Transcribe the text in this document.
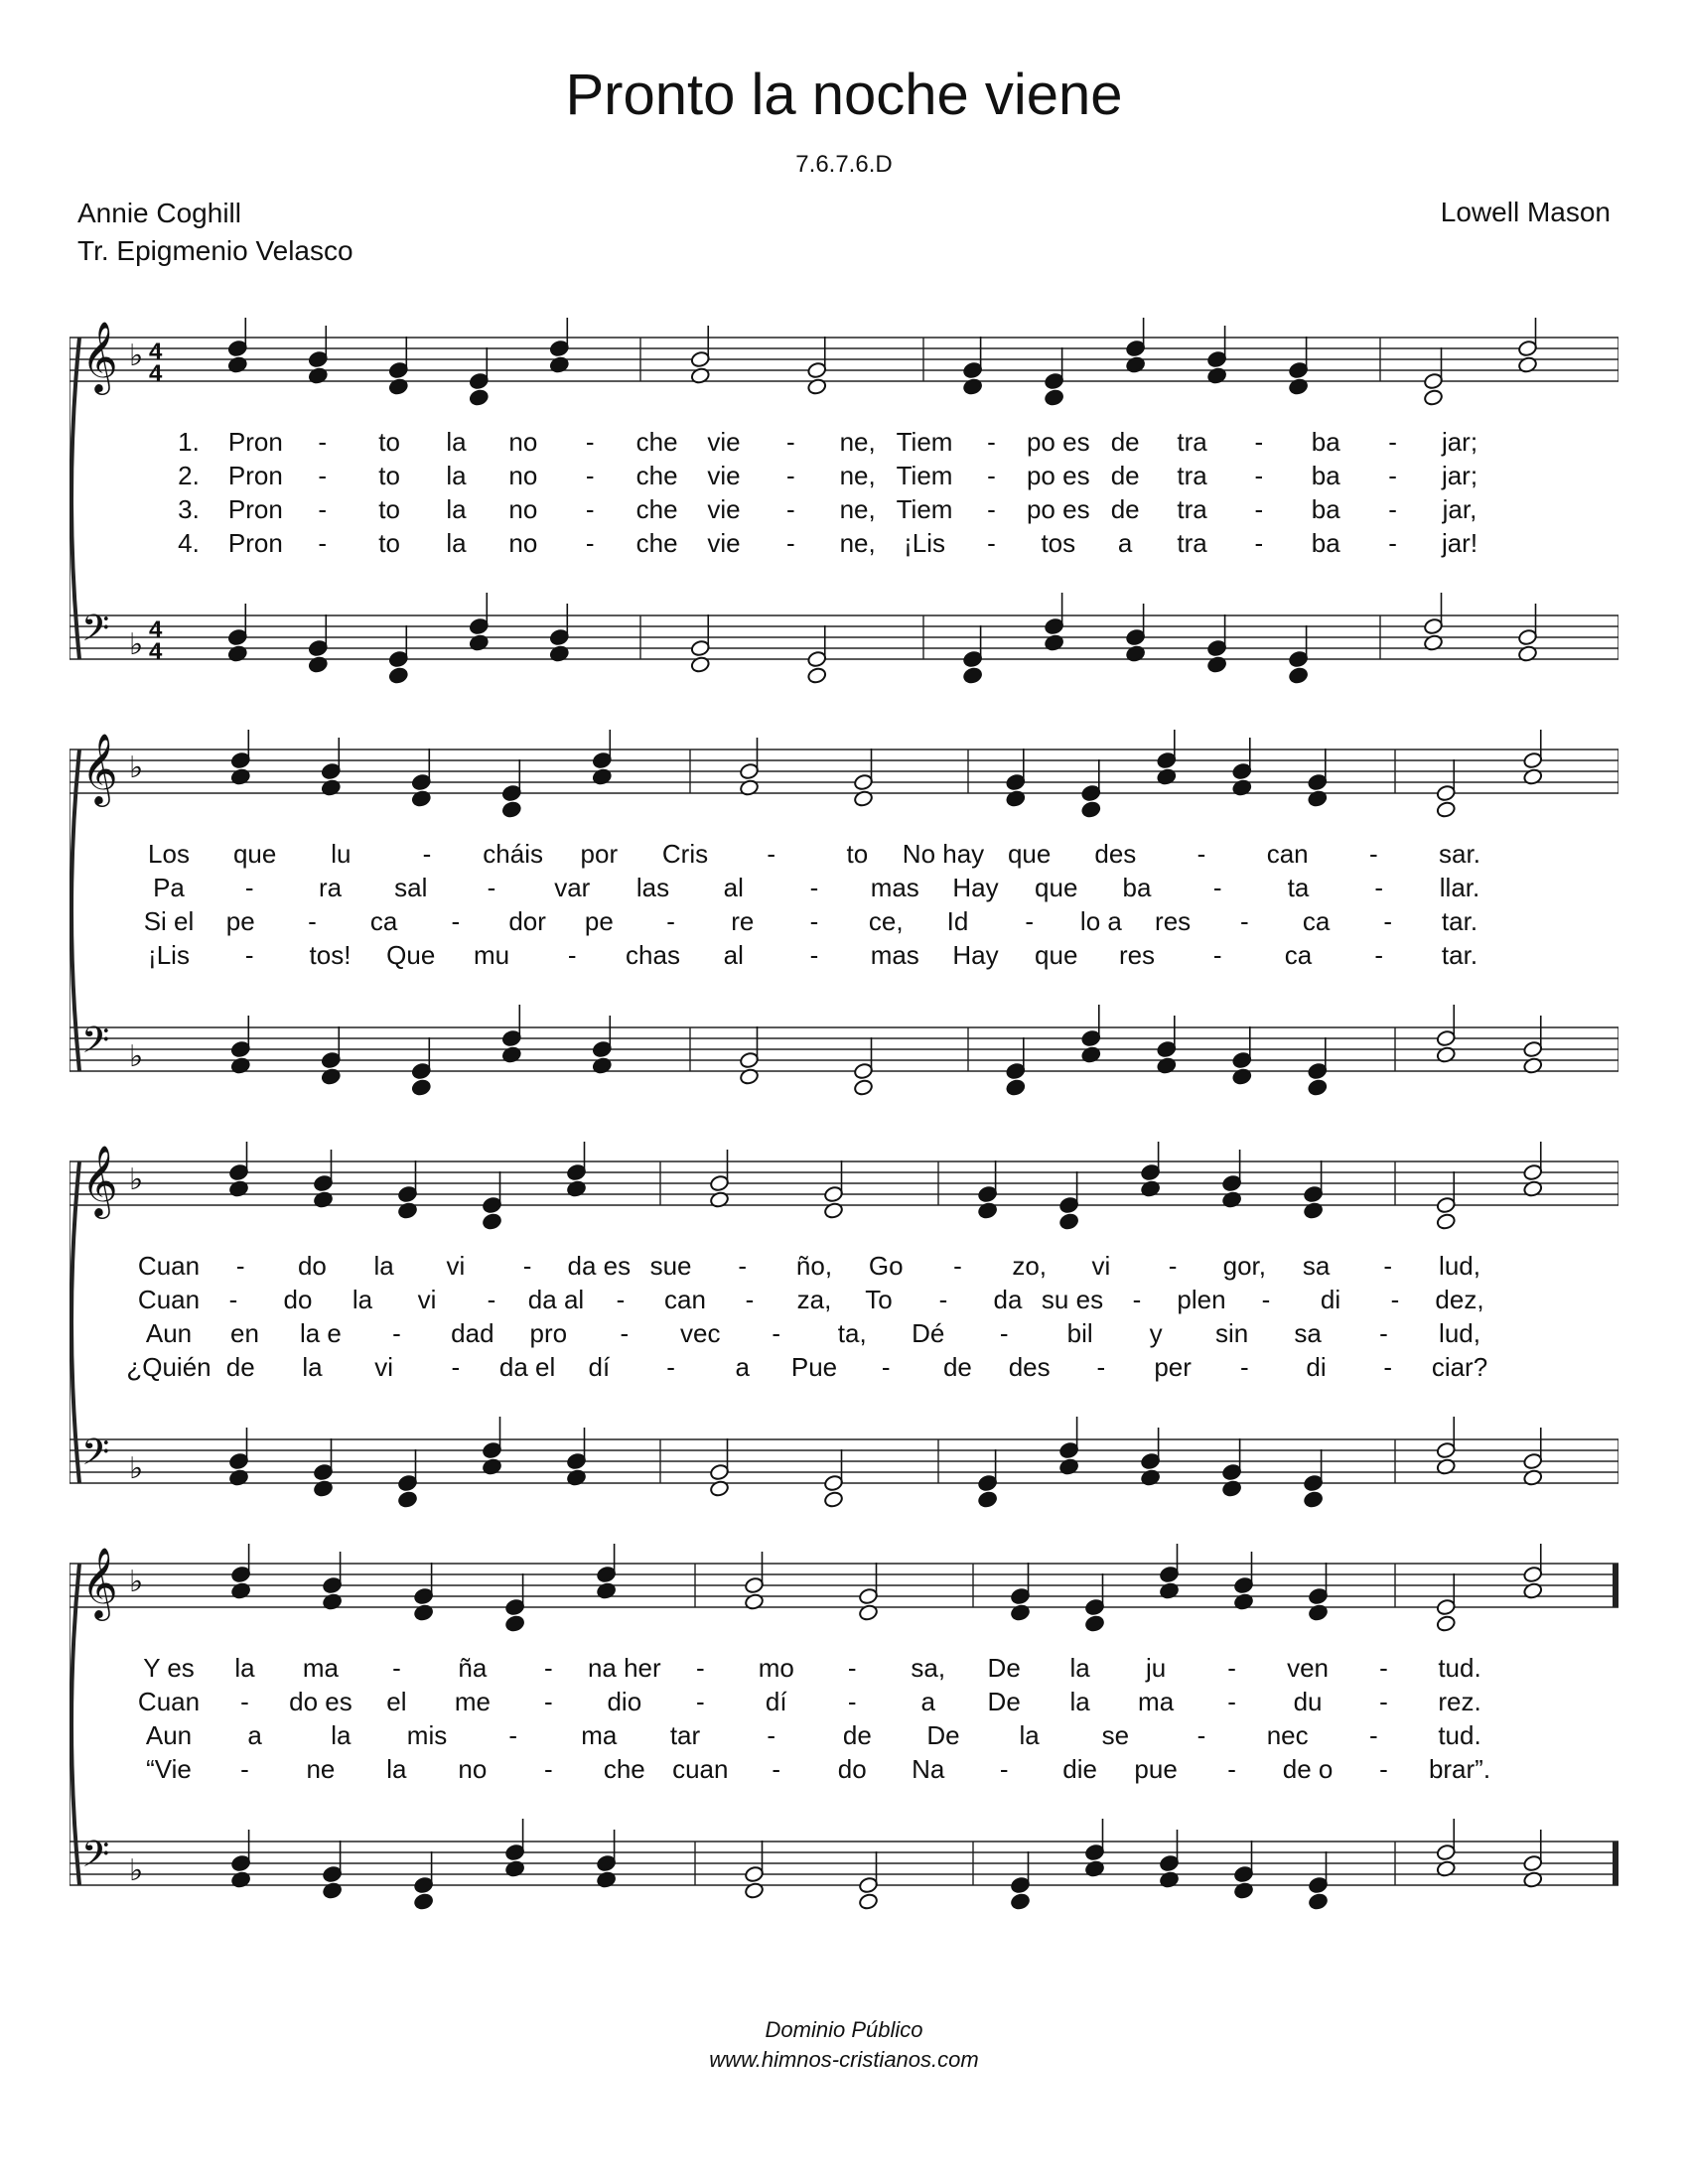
Pronto la noche viene
7.6.7.6.D
Annie Coghill
Tr. Epigmenio Velasco
Lowell Mason
𝄞 ♭ 4
4
𝄢 ♭ 4
4
1. Pron - to la no - che vie - ne, Tiem - po es de tra - ba - jar;
2. Pron - to la no - che vie - ne, Tiem - po es de tra - ba - jar;
3. Pron - to la no - che vie - ne, Tiem - po es de tra - ba - jar,
4. Pron - to la no - che vie - ne, ¡Lis - tos a tra - ba - jar!
𝄞 ♭
𝄢 ♭
Los que lu	- cháis por Cris -	to No hay que des - can - sar.
Pa -	ra sal - var las al	- mas Hay que ba -	ta	- llar.
Si el pe - ca - dor pe - re - ce, Id - lo a res - ca - tar.
¡Lis - tos! Que mu - chas al	- mas Hay que res - ca - tar.
𝄞 ♭
𝄢 ♭
Cuan - do la vi - da es sue - ño, Go - zo, vi - gor, sa - lud,
Cuan - do la vi - da al - can - za, To - da su es - plen - di - dez,
Aun en la e - dad pro - vec - ta, Dé - bil y sin sa - lud,
¿Quién de la vi - da el dí - a Pue - de des - per - di - ciar?
𝄞 ♭
𝄢 ♭
Y es la ma - ña - na her - mo - sa, De la ju - ven - tud.
Cuan - do es el me - dio - dí - a De la ma - du - rez.
Aun a	la mis - ma tar	-	de De la se	- nec - tud.
“Vie - ne la no - che cuan - do Na - die pue - de o - brar”.
Dominio Público
www.himnos-cristianos.com
